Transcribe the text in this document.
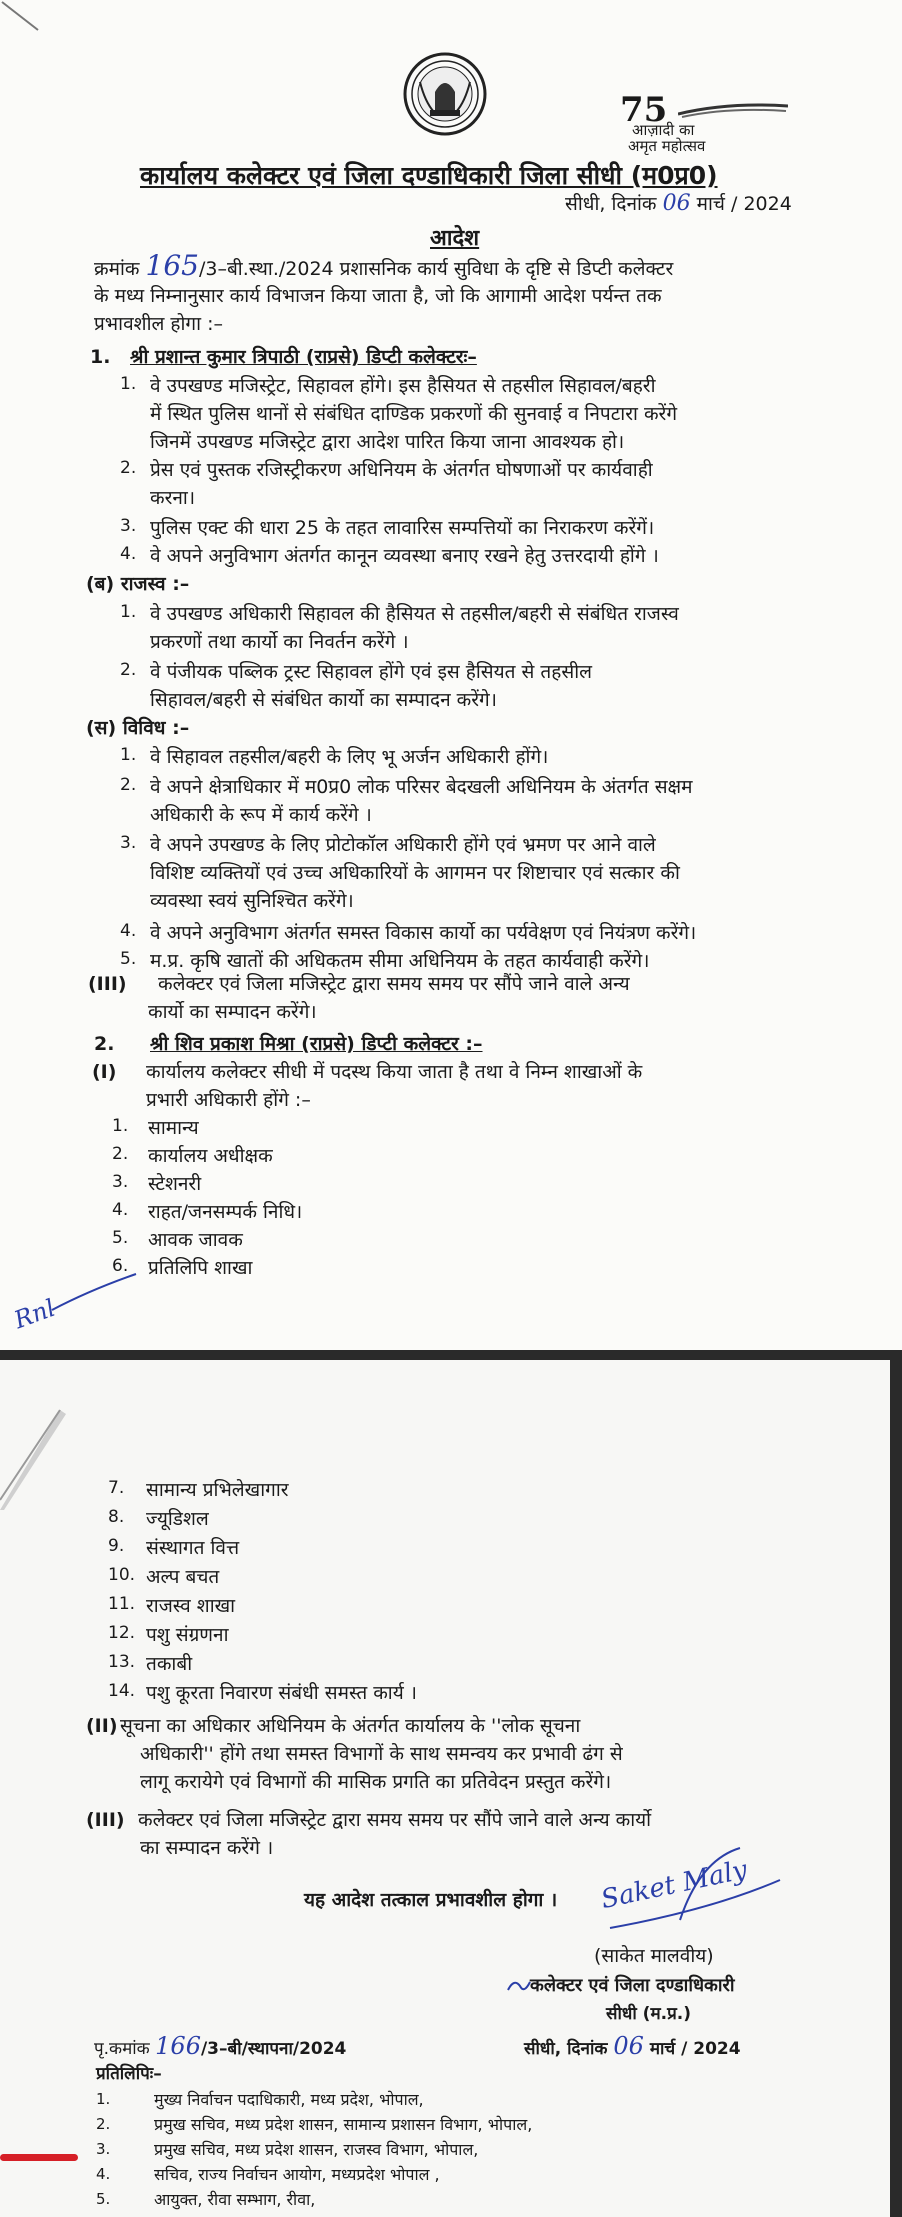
75
आज़ादी का
अमृत महोत्सव
कार्यालय कलेक्टर एवं जिला दण्डाधिकारी जिला सीधी (म0प्र0)
सीधी, दिनांक 06 मार्च / 2024
आदेश
क्रमांक 165/3–बी.स्था./2024 प्रशासनिक कार्य सुविधा के दृष्टि से डिप्टी कलेक्टर
के मध्य निम्नानुसार कार्य विभाजन किया जाता है, जो कि आगामी आदेश पर्यन्त तक
प्रभावशील होगा :–
1. श्री प्रशान्त कुमार त्रिपाठी (राप्रसे) डिप्टी कलेक्टरः–
1. वे उपखण्ड मजिस्ट्रेट, सिहावल होंगे। इस हैसियत से तहसील सिहावल/बहरी
में स्थित पुलिस थानों से संबंधित दाण्डिक प्रकरणों की सुनवाई व निपटारा करेंगे
जिनमें उपखण्ड मजिस्ट्रेट द्वारा आदेश पारित किया जाना आवश्यक हो।
2. प्रेस एवं पुस्तक रजिस्ट्रीकरण अधिनियम के अंतर्गत घोषणाओं पर कार्यवाही
करना।
3. पुलिस एक्ट की धारा 25 के तहत लावारिस सम्पत्तियों का निराकरण करेंगें।
4. वे अपने अनुविभाग अंतर्गत कानून व्यवस्था बनाए रखने हेतु उत्तरदायी होंगे ।
(ब) राजस्व :–
1. वे उपखण्ड अधिकारी सिहावल की हैसियत से तहसील/बहरी से संबंधित राजस्व
प्रकरणों तथा कार्यो का निवर्तन करेंगे ।
2. वे पंजीयक पब्लिक ट्रस्ट सिहावल होंगे एवं इस हैसियत से तहसील
सिहावल/बहरी से संबंधित कार्यो का सम्पादन करेंगे।
(स) विविध :–
1. वे सिहावल तहसील/बहरी के लिए भू अर्जन अधिकारी होंगे।
2. वे अपने क्षेत्राधिकार में म0प्र0 लोक परिसर बेदखली अधिनियम के अंतर्गत सक्षम
अधिकारी के रूप में कार्य करेंगे ।
3. वे अपने उपखण्ड के लिए प्रोटोकॉल अधिकारी होंगे एवं भ्रमण पर आने वाले
विशिष्ट व्यक्तियों एवं उच्च अधिकारियों के आगमन पर शिष्टाचार एवं सत्कार की
व्यवस्था स्वयं सुनिश्चित करेंगे।
4. वे अपने अनुविभाग अंतर्गत समस्त विकास कार्यो का पर्यवेक्षण एवं नियंत्रण करेंगे।
5. म.प्र. कृषि खातों की अधिकतम सीमा अधिनियम के तहत कार्यवाही करेंगे।
(III) कलेक्टर एवं जिला मजिस्ट्रेट द्वारा समय समय पर सौंपे जाने वाले अन्य
कार्यो का सम्पादन करेंगे।
2. श्री शिव प्रकाश मिश्रा (राप्रसे) डिप्टी कलेक्टर :–
(I) कार्यालय कलेक्टर सीधी में पदस्थ किया जाता है तथा वे निम्न शाखाओं के
प्रभारी अधिकारी होंगे :–
1. सामान्य
2. कार्यालय अधीक्षक
3. स्टेशनरी
4. राहत/जनसम्पर्क निधि।
5. आवक जावक
6. प्रतिलिपि शाखा
Rnl
7. सामान्य प्रभिलेखागार
8. ज्यूडिशल
9. संस्थागत वित्त
10. अल्प बचत
11. राजस्व शाखा
12. पशु संग्रणना
13. तकाबी
14. पशु कूरता निवारण संबंधी समस्त कार्य ।
(II) सूचना का अधिकार अधिनियम के अंतर्गत कार्यालय के ''लोक सूचना
अधिकारी'' होंगे तथा समस्त विभागों के साथ समन्वय कर प्रभावी ढंग से
लागू करायेगे एवं विभागों की मासिक प्रगति का प्रतिवेदन प्रस्तुत करेंगे।
(III) कलेक्टर एवं जिला मजिस्ट्रेट द्वारा समय समय पर सौंपे जाने वाले अन्य कार्यो
का सम्पादन करेंगे ।
यह आदेश तत्काल प्रभावशील होगा । Saket Maly
(साकेत मालवीय)
कलेक्टर एवं जिला दण्डाधिकारी
सीधी (म.प्र.)
पृ.कमांक 166/3–बी/स्थापना/2024	सीधी, दिनांक 06 मार्च / 2024
प्रतिलिपिः–
1.	मुख्य निर्वाचन पदाधिकारी, मध्य प्रदेश, भोपाल,
2.	प्रमुख सचिव, मध्य प्रदेश शासन, सामान्य प्रशासन विभाग, भोपाल,
3.	प्रमुख सचिव, मध्य प्रदेश शासन, राजस्व विभाग, भोपाल,
4.	सचिव, राज्य निर्वाचन आयोग, मध्यप्रदेश भोपाल ,
5.	आयुक्त, रीवा सम्भाग, रीवा,
